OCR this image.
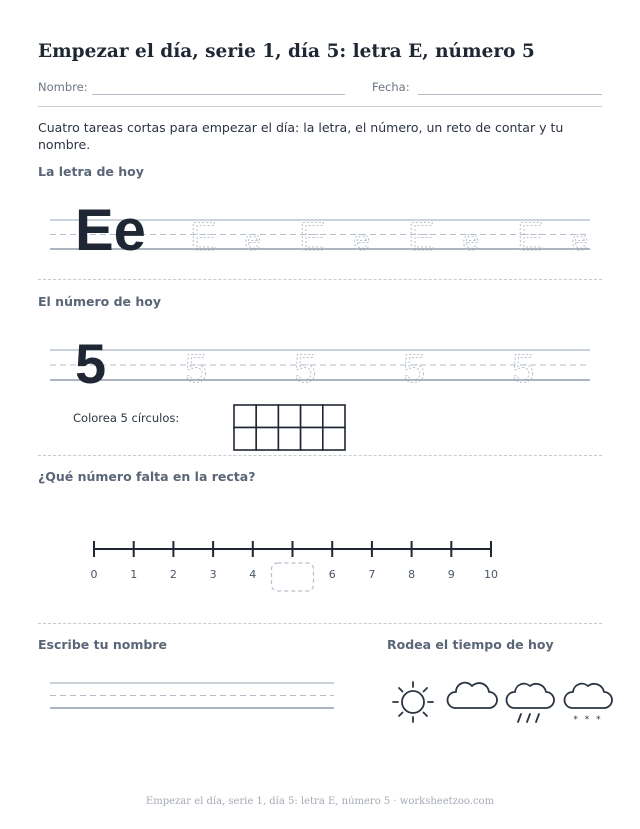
Empezar el día, serie 1, día 5: letra E, número 5
Nombre:	Fecha:
Cuatro tareas cortas para empezar el día: la letra, el número, un reto de contar y tu nombre.
La letra de hoy
El número de hoy
Colorea 5 círculos:
¿Qué número falta en la recta?
Escribe tu nombre	Rodea el tiempo de hoy
Ee E e E e E e E e
5 5 5 5 5
0	1	2	3	4	6	7	8	9	10
* * *
Empezar el día, serie 1, día 5: letra E, número 5 · worksheetzoo.com
